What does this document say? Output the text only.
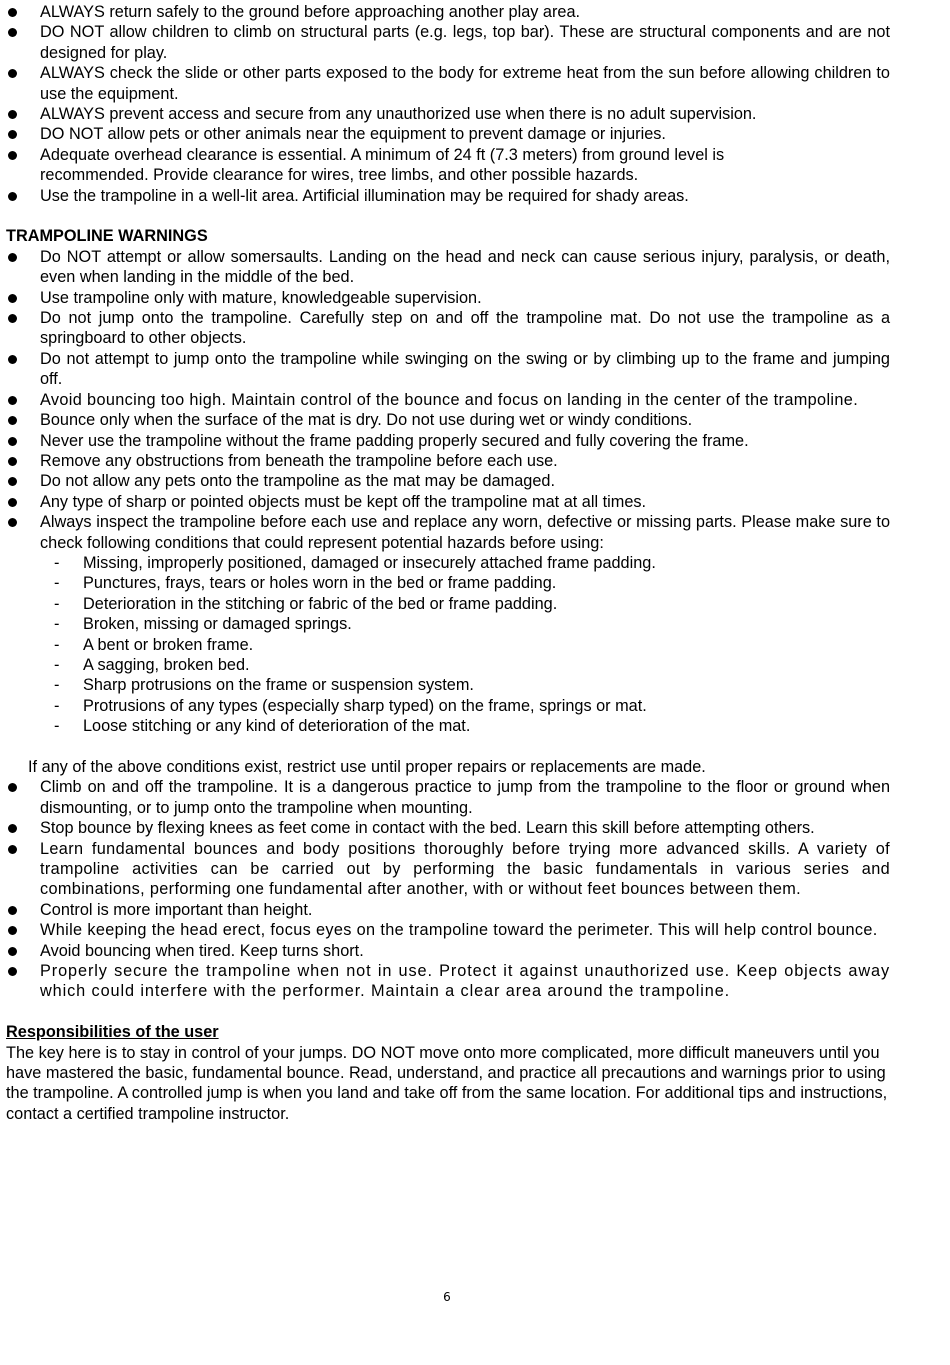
ALWAYS return safely to the ground before approaching another play area.
DO NOT allow children to climb on structural parts (e.g. legs, top bar). These are structural components and are not designed for play.
ALWAYS check the slide or other parts exposed to the body for extreme heat from the sun before allowing children to use the equipment.
ALWAYS prevent access and secure from any unauthorized use when there is no adult supervision.
DO NOT allow pets or other animals near the equipment to prevent damage or injuries.
Adequate overhead clearance is essential. A minimum of 24 ft (7.3 meters) from ground level is recommended. Provide clearance for wires, tree limbs, and other possible hazards.
Use the trampoline in a well-lit area. Artificial illumination may be required for shady areas.

TRAMPOLINE WARNINGS

Do NOT attempt or allow somersaults. Landing on the head and neck can cause serious injury, paralysis, or death, even when landing in the middle of the bed.
Use trampoline only with mature, knowledgeable supervision.
Do not jump onto the trampoline. Carefully step on and off the trampoline mat. Do not use the trampoline as a springboard to other objects.
Do not attempt to jump onto the trampoline while swinging on the swing or by climbing up to the frame and jumping off.
Avoid bouncing too high. Maintain control of the bounce and focus on landing in the center of the trampoline.
Bounce only when the surface of the mat is dry. Do not use during wet or windy conditions.
Never use the trampoline without the frame padding properly secured and fully covering the frame.
Remove any obstructions from beneath the trampoline before each use.
Do not allow any pets onto the trampoline as the mat may be damaged.
Any type of sharp or pointed objects must be kept off the trampoline mat at all times.
Always inspect the trampoline before each use and replace any worn, defective or missing parts. Please make sure to check following conditions that could represent potential hazards before using:
- Missing, improperly positioned, damaged or insecurely attached frame padding.
- Punctures, frays, tears or holes worn in the bed or frame padding.
- Deterioration in the stitching or fabric of the bed or frame padding.
- Broken, missing or damaged springs.
- A bent or broken frame.
- A sagging, broken bed.
- Sharp protrusions on the frame or suspension system.
- Protrusions of any types (especially sharp typed) on the frame, springs or mat.
- Loose stitching or any kind of deterioration of the mat.

If any of the above conditions exist, restrict use until proper repairs or replacements are made.

Climb on and off the trampoline. It is a dangerous practice to jump from the trampoline to the floor or ground when dismounting, or to jump onto the trampoline when mounting.
Stop bounce by flexing knees as feet come in contact with the bed. Learn this skill before attempting others.
Learn fundamental bounces and body positions thoroughly before trying more advanced skills. A variety of trampoline activities can be carried out by performing the basic fundamentals in various series and combinations, performing one fundamental after another, with or without feet bounces between them.
Control is more important than height.
While keeping the head erect, focus eyes on the trampoline toward the perimeter. This will help control bounce.
Avoid bouncing when tired. Keep turns short.
Properly secure the trampoline when not in use. Protect it against unauthorized use. Keep objects away which could interfere with the performer. Maintain a clear area around the trampoline.

Responsibilities of the user

The key here is to stay in control of your jumps. DO NOT move onto more complicated, more difficult maneuvers until you have mastered the basic, fundamental bounce. Read, understand, and practice all precautions and warnings prior to using the trampoline. A controlled jump is when you land and take off from the same location. For additional tips and instructions, contact a certified trampoline instructor.

6
